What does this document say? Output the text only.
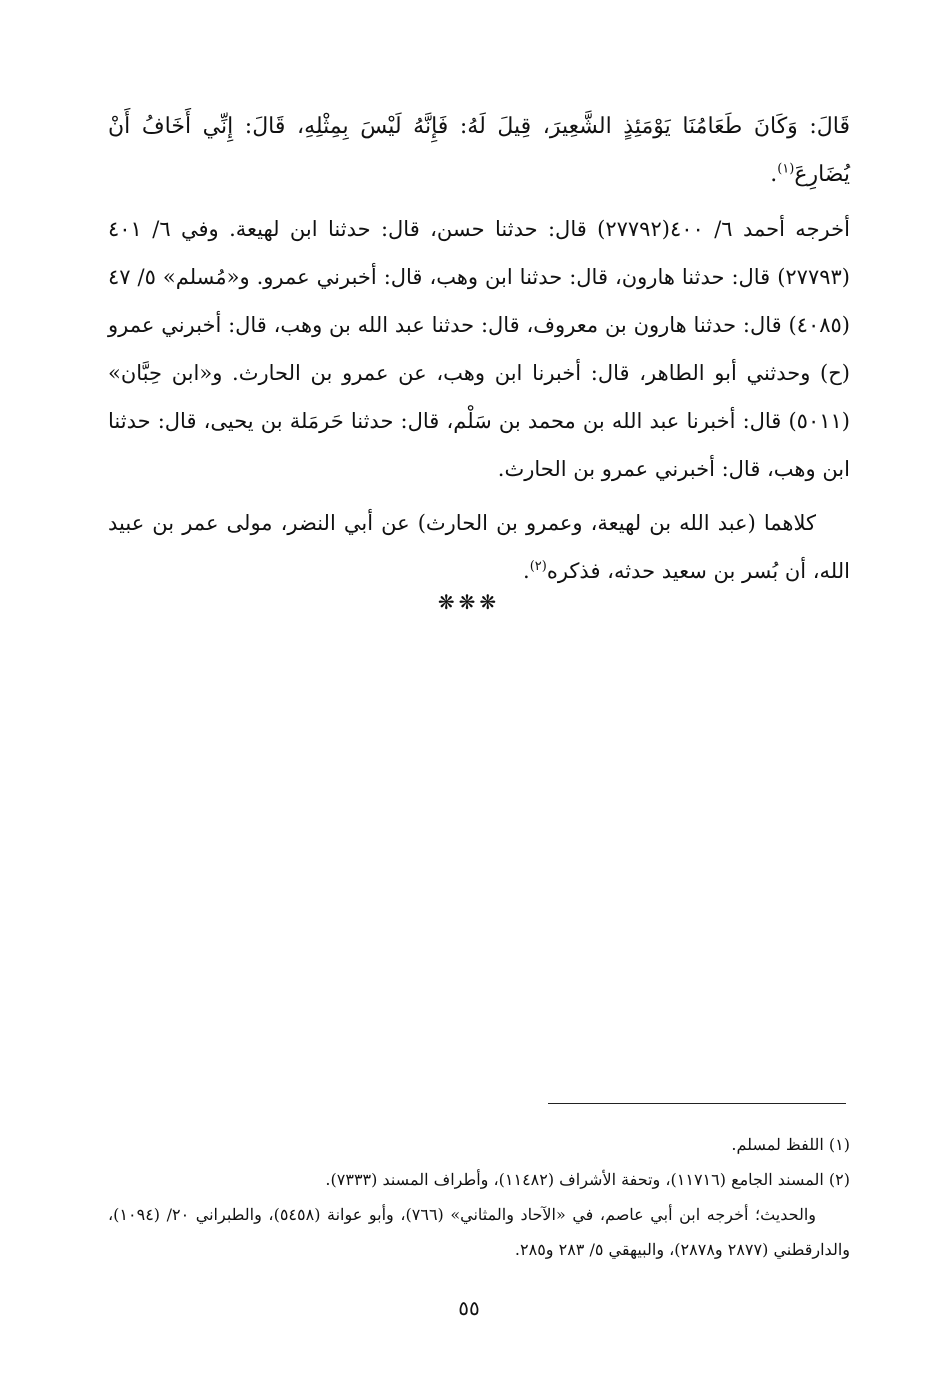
قَالَ: وَكَانَ طَعَامُنَا يَوْمَئِذٍ الشَّعِيرَ، قِيلَ لَهُ: فَإِنَّهُ لَيْسَ بِمِثْلِهِ، قَالَ: إِنِّي أَخَافُ أَنْ يُضَارِعَ$^{(١)}$.

أخرجه أحمد ٦/ ٤٠٠(٢٧٧٩٢) قال: حدثنا حسن، قال: حدثنا ابن لهيعة. وفي ٦/ ٤٠١ (٢٧٧٩٣) قال: حدثنا هارون، قال: حدثنا ابن وهب، قال: أخبرني عمرو. و«مُسلم» ٥/ ٤٧ (٤٠٨٥) قال: حدثنا هارون بن معروف، قال: حدثنا عبد الله بن وهب، قال: أخبرني عمرو (ح) وحدثني أبو الطاهر، قال: أخبرنا ابن وهب، عن عمرو بن الحارث. و«ابن حِبَّان» (٥٠١١) قال: أخبرنا عبد الله بن محمد بن سَلْم، قال: حدثنا حَرمَلة بن يحيى، قال: حدثنا ابن وهب، قال: أخبرني عمرو بن الحارث.

كلاهما (عبد الله بن لهيعة، وعمرو بن الحارث) عن أبي النضر، مولى عمر بن عبيد الله، أن بُسر بن سعيد حدثه، فذكره$^{(٢)}$.

❋❋❋

(١) اللفظ لمسلم.

(٢) المسند الجامع (١١٧١٦)، وتحفة الأشراف (١١٤٨٢)، وأطراف المسند (٧٣٣٣).

والحديث؛ أخرجه ابن أبي عاصم، في «الآحاد والمثاني» (٧٦٦)، وأبو عوانة (٥٤٥٨)، والطبراني ٢٠/ (١٠٩٤)، والدارقطني (٢٨٧٧ و٢٨٧٨)، والبيهقي ٥/ ٢٨٣ و٢٨٥.

٥٥
